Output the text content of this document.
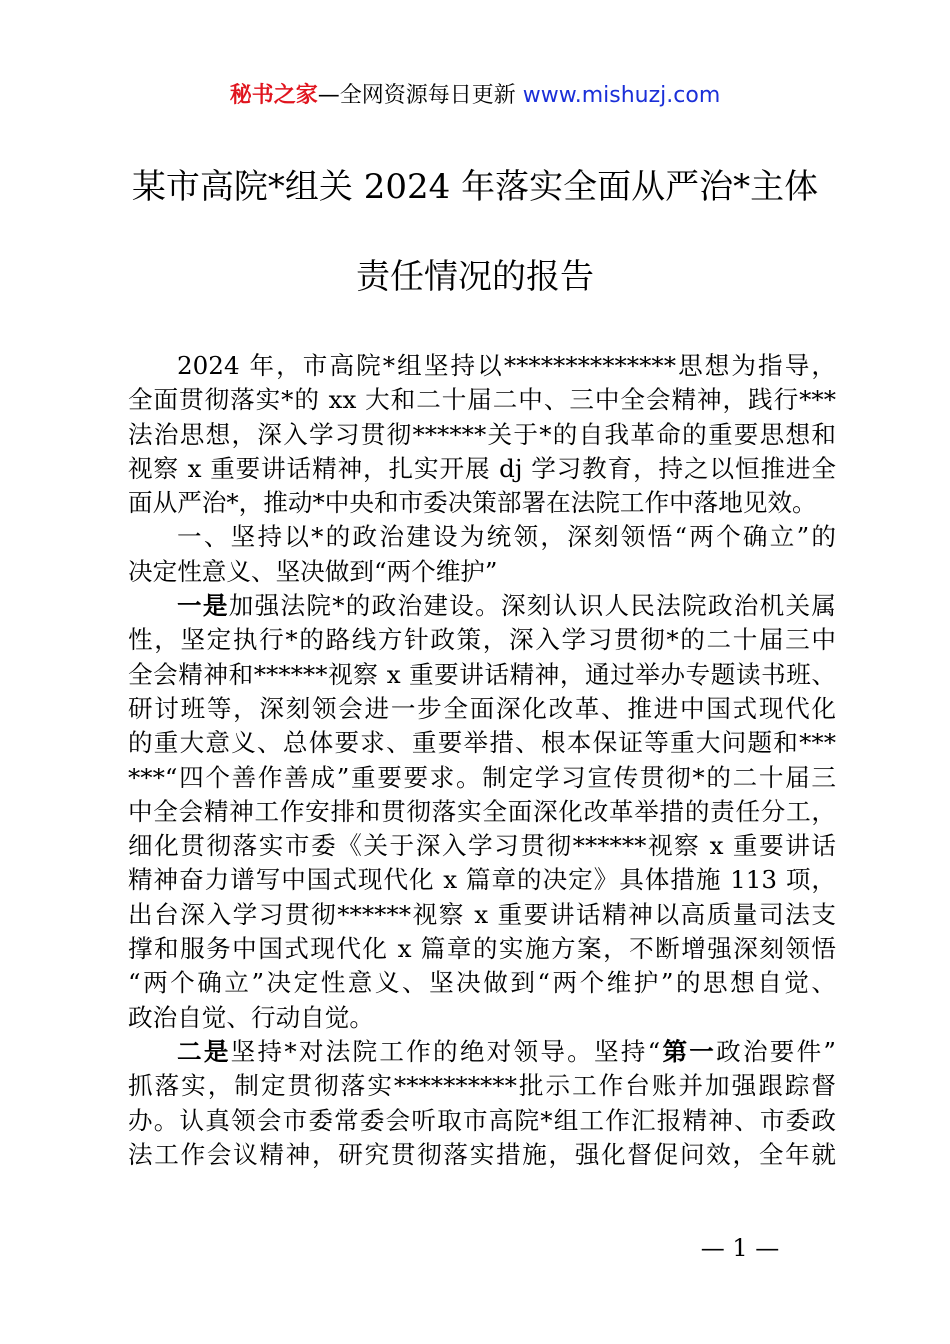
秘书之家—全网资源每日更新 www.mishuzj.com
某市高院*组关 2024 年落实全面从严治*主体
责任情况的报告
2024 年，市高院*组坚持以**************思想为指导，
全面贯彻落实*的 xx 大和二十届二中、三中全会精神，践行***
法治思想，深入学习贯彻******关于*的自我革命的重要思想和
视察 x 重要讲话精神，扎实开展 dj 学习教育，持之以恒推进全
面从严治*，推动*中央和市委决策部署在法院工作中落地见效。
一、坚持以*的政治建设为统领，深刻领悟“两个确立”的
决定性意义、坚决做到“两个维护”
一是加强法院*的政治建设。深刻认识人民法院政治机关属
性，坚定执行*的路线方针政策，深入学习贯彻*的二十届三中
全会精神和******视察 x 重要讲话精神，通过举办专题读书班、
研讨班等，深刻领会进一步全面深化改革、推进中国式现代化
的重大意义、总体要求、重要举措、根本保证等重大问题和***
***“四个善作善成”重要要求。制定学习宣传贯彻*的二十届三
中全会精神工作安排和贯彻落实全面深化改革举措的责任分工，
细化贯彻落实市委《关于深入学习贯彻******视察 x 重要讲话
精神奋力谱写中国式现代化 x 篇章的决定》具体措施 113 项，
出台深入学习贯彻******视察 x 重要讲话精神以高质量司法支
撑和服务中国式现代化 x 篇章的实施方案，不断增强深刻领悟
“两个确立”决定性意义、坚决做到“两个维护”的思想自觉、
政治自觉、行动自觉。
二是坚持*对法院工作的绝对领导。坚持“第一政治要件”
抓落实，制定贯彻落实**********批示工作台账并加强跟踪督
办。认真领会市委常委会听取市高院*组工作汇报精神、市委政
法工作会议精神，研究贯彻落实措施，强化督促问效，全年就
— 1 —
